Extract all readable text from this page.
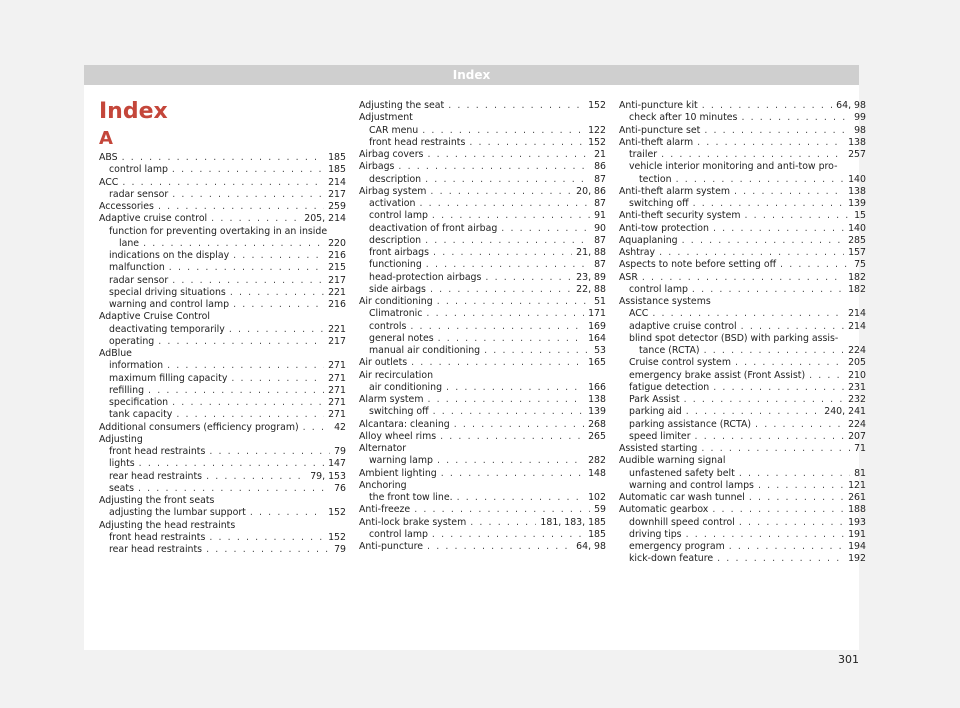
Index
Index
A
ABS . . .	185
control lamp . . .	185
ACC . . .	214
radar sensor . . .	217
Accessories . . .	259
Adaptive cruise control . . .	205, 214
function for preventing overtaking in an inside
lane . . .	220
indications on the display . . .	216
malfunction . . .	215
radar sensor . . .	217
special driving situations . . .	221
warning and control lamp . . .	216
Adaptive Cruise Control
deactivating temporarily . . .	221
operating . . .	217
AdBlue
information . . .	271
maximum filling capacity . . .	271
refilling . . .	271
specification . . .	271
tank capacity . . .	271
Additional consumers (efficiency program) . . .	42
Adjusting
front head restraints . . .	79
lights . . .	147
rear head restraints . . .	79, 153
seats . . .	76
Adjusting the front seats
adjusting the lumbar support . . .	152
Adjusting the head restraints
front head restraints . . .	152
rear head restraints . . .	79
Adjusting the seat . . .	152
Adjustment
CAR menu . . .	122
front head restraints . . .	152
Airbag covers . . .	21
Airbags . . .	86
description . . .	87
Airbag system . . .	20, 86
activation . . .	87
control lamp . . .	91
deactivation of front airbag . . .	90
description . . .	87
front airbags . . .	21, 88
functioning . . .	87
head-protection airbags . . .	23, 89
side airbags . . .	22, 88
Air conditioning . . .	51
Climatronic . . .	171
controls . . .	169
general notes . . .	164
manual air conditioning . . .	53
Air outlets . . .	165
Air recirculation
air conditioning . . .	166
Alarm system . . .	138
switching off . . .	139
Alcantara: cleaning . . .	268
Alloy wheel rims . . .	265
Alternator
warning lamp . . .	282
Ambient lighting . . .	148
Anchoring
the front tow line. . . .	102
Anti-freeze . . .	59
Anti-lock brake system . . .	181, 183, 185
control lamp . . .	185
Anti-puncture . . .	64, 98
Anti-puncture kit . . .	64, 98
check after 10 minutes . . .	99
Anti-puncture set . . .	98
Anti-theft alarm . . .	138
trailer . . .	257
vehicle interior monitoring and anti-tow pro-
tection . . .	140
Anti-theft alarm system . . .	138
switching off . . .	139
Anti-theft security system . . .	15
Anti-tow protection . . .	140
Aquaplaning . . .	285
Ashtray . . .	157
Aspects to note before setting off . . .	75
ASR . . .	182
control lamp . . .	182
Assistance systems
ACC . . .	214
adaptive cruise control . . .	214
blind spot detector (BSD) with parking assis-
tance (RCTA) . . .	224
Cruise control system . . .	205
emergency brake assist (Front Assist) . . .	210
fatigue detection . . .	231
Park Assist . . .	232
parking aid . . .	240, 241
parking assistance (RCTA) . . .	224
speed limiter . . .	207
Assisted starting . . .	71
Audible warning signal
unfastened safety belt . . .	81
warning and control lamps . . .	121
Automatic car wash tunnel . . .	261
Automatic gearbox . . .	188
downhill speed control . . .	193
driving tips . . .	191
emergency program . . .	194
kick-down feature . . .	192
301
